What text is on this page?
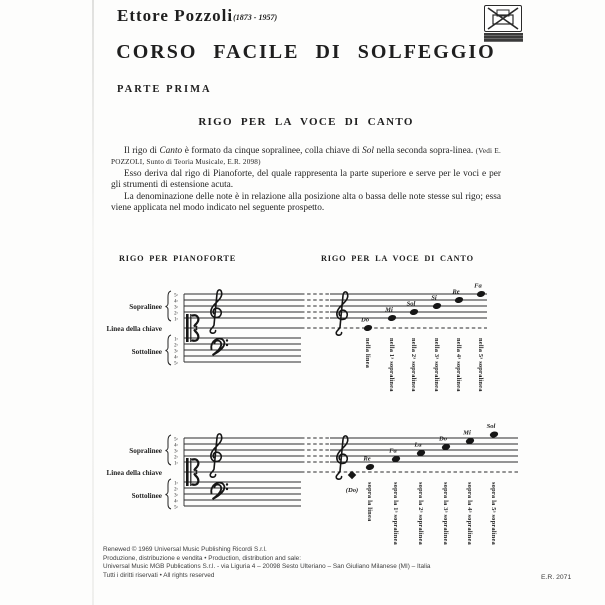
Ettore Pozzoli(1873 - 1957)
CORSO FACILE DI SOLFEGGIO
PARTE PRIMA
RIGO PER LA VOCE DI CANTO

Il rigo di Canto è formato da cinque sopralinee, colla chiave di Sol nella seconda sopra-linea. (Vedi E. POZZOLI, Sunto di Teoria Musicale, E.R. 2098)

Esso deriva dal rigo di Pianoforte, del quale rappresenta la parte superiore e serve per le voci e per gli strumenti di estensione acuta.

La denominazione delle note è in relazione alla posizione alta o bassa delle note stesse sul rigo; essa viene applicata nel modo indicato nel seguente prospetto.

RIGO PER PIANOFORTE	RIGO PER LA VOCE DI CANTO
Sopralinee
Linea della chiave
Sottolinee
5ᵃ
4ᵃ
3ᵃ
2ᵃ
1ᵃ
1ᵃ
2ᵃ
3ᵃ
4ᵃ
5ᵃ
Do
nella linea
Mi
nella 1ᵃ sopralinea
Sol
nella 2ᵃ sopralinea
Si
nella 3ᵃ sopralinea
Re
nella 4ᵃ sopralinea
Fa
nella 5ᵃ sopralinea
Sopralinee
Linea della chiave
Sottolinee
5ᵃ
4ᵃ
3ᵃ
2ᵃ
1ᵃ
1ᵃ
2ᵃ
3ᵃ
4ᵃ
5ᵃ
(Do)
Re
sopra la linea
Fa
sopra la 1ᵃ sopralinea
La
sopra la 2ᵃ sopralinea
Do
sopra la 3ᵃ sopralinea
Mi
sopra la 4ᵃ sopralinea
Sol
sopra la 5ᵃ sopralinea
Renewed © 1969 Universal Music Publishing Ricordi S.r.l.
Produzione, distribuzione e vendita • Production, distribution and sale:
Universal Music MGB Publications S.r.l. - via Liguria 4 – 20098 Sesto Ulteriano – San Giuliano Milanese (MI) – Italia
Tutti i diritti riservati • All rights reserved	E.R. 2071
